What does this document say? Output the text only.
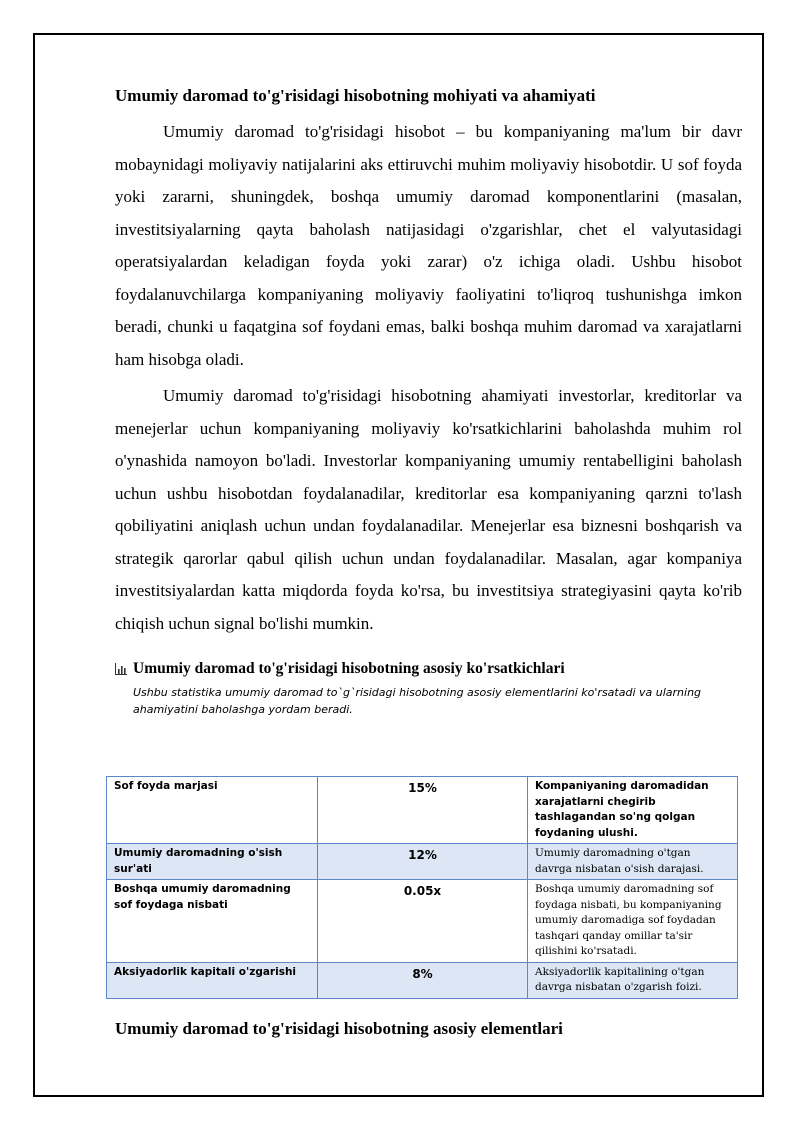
Umumiy daromad to'g'risidagi hisobotning mohiyati va ahamiyati

Umumiy daromad to'g'risidagi hisobot – bu kompaniyaning ma'lum bir davr mobaynidagi moliyaviy natijalarini aks ettiruvchi muhim moliyaviy hisobotdir. U sof foyda yoki zararni, shuningdek, boshqa umumiy daromad komponentlarini (masalan, investitsiyalarning qayta baholash natijasidagi o'zgarishlar, chet el valyutasidagi operatsiyalardan keladigan foyda yoki zarar) o'z ichiga oladi. Ushbu hisobot foydalanuvchilarga kompaniyaning moliyaviy faoliyatini to'liqroq tushunishga imkon beradi, chunki u faqatgina sof foydani emas, balki boshqa muhim daromad va xarajatlarni ham hisobga oladi.

Umumiy daromad to'g'risidagi hisobotning ahamiyati investorlar, kreditorlar va menejerlar uchun kompaniyaning moliyaviy ko'rsatkichlarini baholashda muhim rol o'ynashida namoyon bo'ladi. Investorlar kompaniyaning umumiy rentabelligini baholash uchun ushbu hisobotdan foydalanadilar, kreditorlar esa kompaniyaning qarzni to'lash qobiliyatini aniqlash uchun undan foydalanadilar. Menejerlar esa biznesni boshqarish va strategik qarorlar qabul qilish uchun undan foydalanadilar. Masalan, agar kompaniya investitsiyalardan katta miqdorda foyda ko'rsa, bu investitsiya strategiyasini qayta ko'rib chiqish uchun signal bo'lishi mumkin.

Umumiy daromad to'g'risidagi hisobotning asosiy ko'rsatkichlari

Ushbu statistika umumiy daromad to`g`risidagi hisobotning asosiy elementlarini ko'rsatadi va ularning ahamiyatini baholashga yordam beradi.

Sof foyda marjasi	15%	Kompaniyaning daromadidan xarajatlarni chegirib tashlagandan so'ng qolgan foydaning ulushi.
Umumiy daromadning o'sish sur'ati	12%	Umumiy daromadning o'tgan davrga nisbatan o'sish darajasi.
Boshqa umumiy daromadning sof foydaga nisbati	0.05x	Boshqa umumiy daromadning sof foydaga nisbati, bu kompaniyaning umumiy daromadiga sof foydadan tashqari qanday omillar ta'sir qilishini ko'rsatadi.
Aksiyadorlik kapitali o'zgarishi	8%	Aksiyadorlik kapitalining o'tgan davrga nisbatan o'zgarish foizi.
Umumiy daromad to'g'risidagi hisobotning asosiy elementlari
